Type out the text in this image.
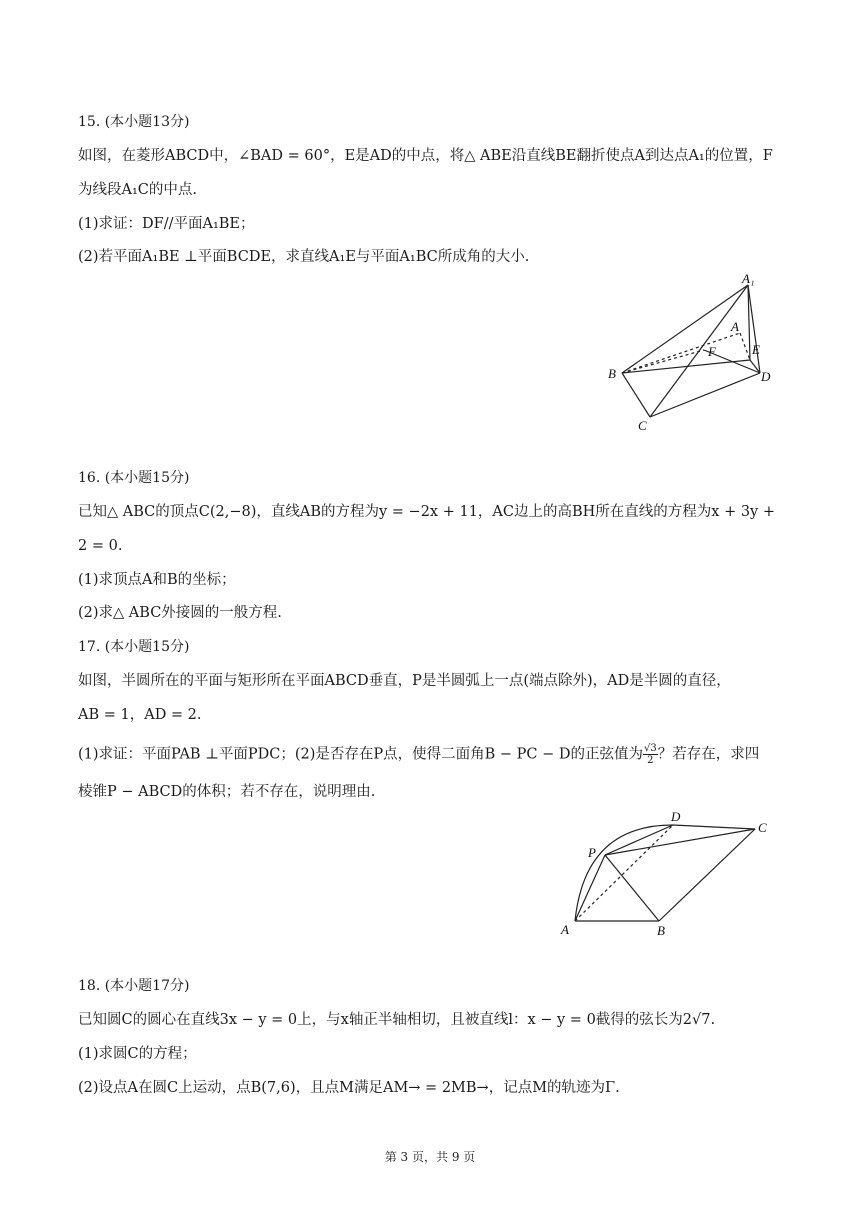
15. (本小题13分)
如图，在菱形ABCD中，∠BAD = 60°，E是AD的中点，将△ ABE沿直线BE翻折使点A到达点A₁的位置，F
为线段A₁C的中点.
(1)求证：DF//平面A₁BE；
(2)若平面A₁BE ⊥平面BCDE，求直线A₁E与平面A₁BC所成角的大小.
A₁
A
F	E
B	D
C
16. (本小题15分)
已知△ ABC的顶点C(2,−8)，直线AB的方程为y = −2x + 11，AC边上的高BH所在直线的方程为x + 3y +
2 = 0.
(1)求顶点A和B的坐标；
(2)求△ ABC外接圆的一般方程.
17. (本小题15分)
如图，半圆所在的平面与矩形所在平面ABCD垂直，P是半圆弧上一点(端点除外)，AD是半圆的直径，
AB = 1，AD = 2.
(1)求证：平面PAB ⊥平面PDC；(2)是否存在P点，使得二面角B − PC − D的正弦值为 $\frac{√3}{2}$ ？若存在，求四
棱锥P − ABCD的体积；若不存在，说明理由.
D
C
P
A	B
18. (本小题17分)
已知圆C的圆心在直线3x − y = 0上，与x轴正半轴相切，且被直线l：x − y = 0截得的弦长为2√7.
(1)求圆C的方程；
(2)设点A在圆C上运动，点B(7,6)，且点M满足AM→ = 2MB→，记点M的轨迹为Γ.
第 3 页，共 9 页
